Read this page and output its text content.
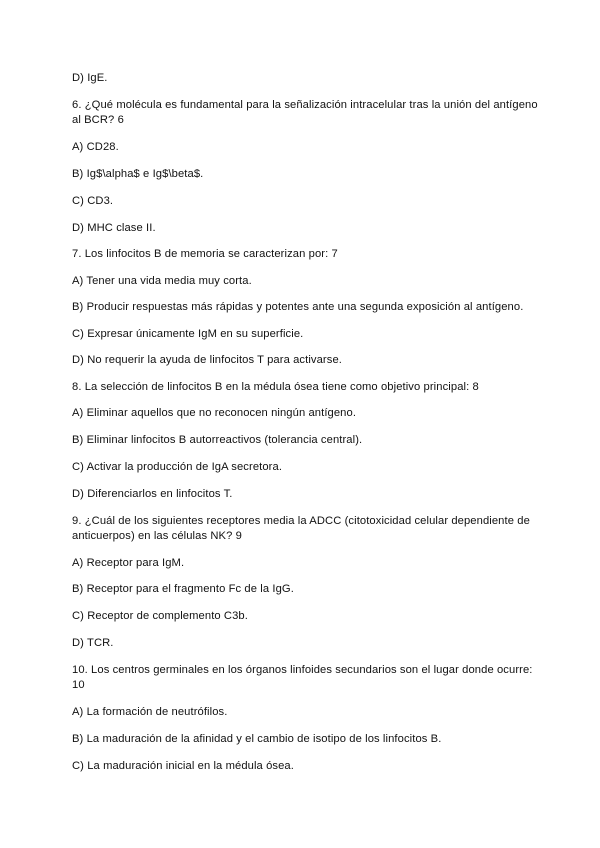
D) IgE.
6. ¿Qué molécula es fundamental para la señalización intracelular tras la unión del antígeno
al BCR? 6
A) CD28.
B) Ig$\alpha$ e Ig$\beta$.
C) CD3.
D) MHC clase II.
7. Los linfocitos B de memoria se caracterizan por: 7
A) Tener una vida media muy corta.
B) Producir respuestas más rápidas y potentes ante una segunda exposición al antígeno.
C) Expresar únicamente IgM en su superficie.
D) No requerir la ayuda de linfocitos T para activarse.
8. La selección de linfocitos B en la médula ósea tiene como objetivo principal: 8
A) Eliminar aquellos que no reconocen ningún antígeno.
B) Eliminar linfocitos B autorreactivos (tolerancia central).
C) Activar la producción de IgA secretora.
D) Diferenciarlos en linfocitos T.
9. ¿Cuál de los siguientes receptores media la ADCC (citotoxicidad celular dependiente de
anticuerpos) en las células NK? 9
A) Receptor para IgM.
B) Receptor para el fragmento Fc de la IgG.
C) Receptor de complemento C3b.
D) TCR.
10. Los centros germinales en los órganos linfoides secundarios son el lugar donde ocurre:
10
A) La formación de neutrófilos.
B) La maduración de la afinidad y el cambio de isotipo de los linfocitos B.
C) La maduración inicial en la médula ósea.
